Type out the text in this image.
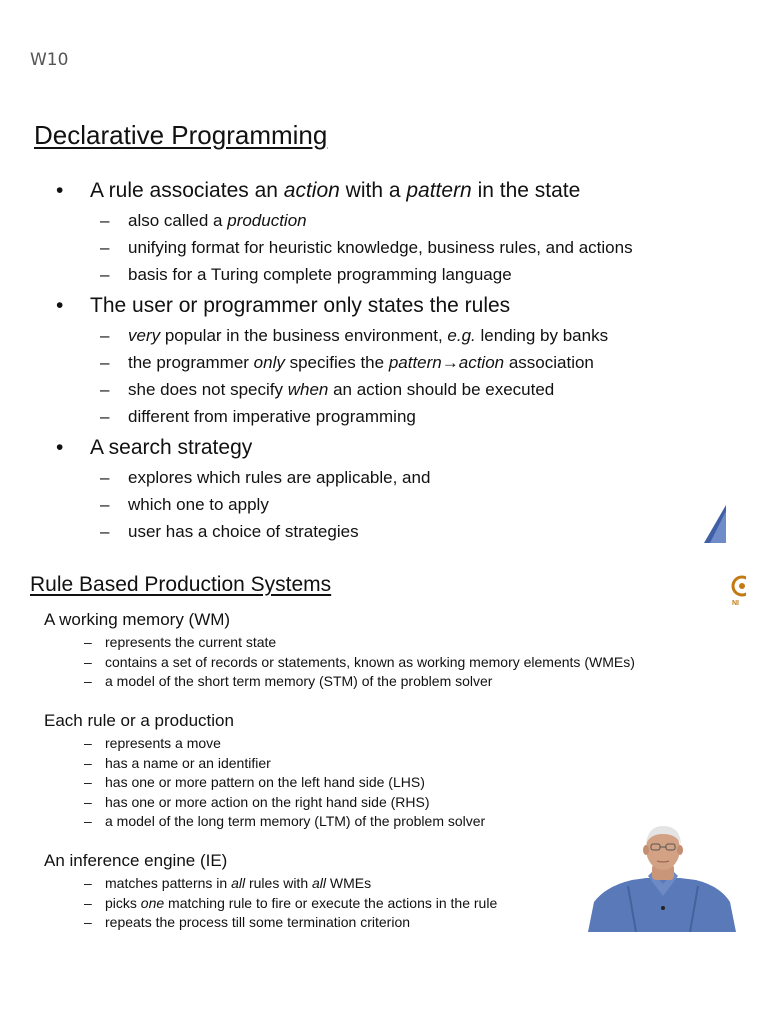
W10
Declarative Programming
• A rule associates an action with a pattern in the state
– also called a production
– unifying format for heuristic knowledge, business rules, and actions
– basis for a Turing complete programming language
• The user or programmer only states the rules
– very popular in the business environment, e.g. lending by banks
– the programmer only specifies the pattern→action association
– she does not specify when an action should be executed
– different from imperative programming
• A search strategy
– explores which rules are applicable, and
– which one to apply
– user has a choice of strategies
Rule Based Production Systems
NI
A working memory (WM)
– represents the current state
– contains a set of records or statements, known as working memory elements (WMEs)
– a model of the short term memory (STM) of the problem solver
Each rule or a production
– represents a move
– has a name or an identifier
– has one or more pattern on the left hand side (LHS)
– has one or more action on the right hand side (RHS)
– a model of the long term memory (LTM) of the problem solver
An inference engine (IE)
– matches patterns in all rules with all WMEs
– picks one matching rule to fire or execute the actions in the rule
– repeats the process till some termination criterion
